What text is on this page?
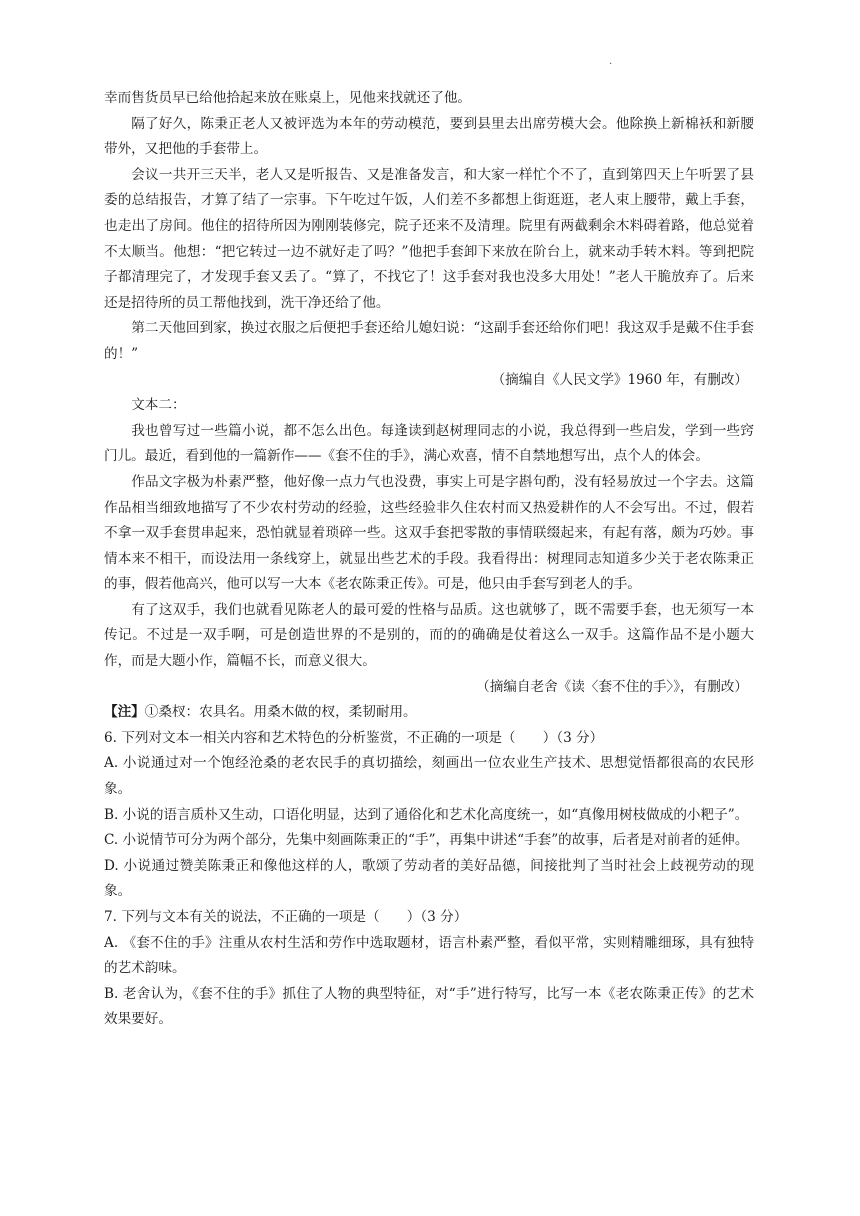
·

幸而售货员早已给他拾起来放在账桌上，见他来找就还了他。

隔了好久，陈秉正老人又被评选为本年的劳动模范，要到县里去出席劳模大会。他除换上新棉袄和新腰带外，又把他的手套带上。

会议一共开三天半，老人又是听报告、又是准备发言，和大家一样忙个不了，直到第四天上午听罢了县委的总结报告，才算了结了一宗事。下午吃过午饭，人们差不多都想上街逛逛，老人束上腰带，戴上手套，也走出了房间。他住的招待所因为刚刚装修完，院子还来不及清理。院里有两截剩余木料碍着路，他总觉着不太顺当。他想：“把它转过一边不就好走了吗？”他把手套卸下来放在阶台上，就来动手转木料。等到把院子都清理完了，才发现手套又丢了。“算了，不找它了！这手套对我也没多大用处！”老人干脆放弃了。后来还是招待所的员工帮他找到，洗干净还给了他。

第二天他回到家，换过衣服之后便把手套还给儿媳妇说：“这副手套还给你们吧！我这双手是戴不住手套的！”

（摘编自《人民文学》1960 年，有删改）

文本二：

我也曾写过一些篇小说，都不怎么出色。每逢读到赵树理同志的小说，我总得到一些启发，学到一些窍门儿。最近，看到他的一篇新作——《套不住的手》，满心欢喜，情不自禁地想写出，点个人的体会。

作品文字极为朴素严整，他好像一点力气也没费，事实上可是字斟句酌，没有轻易放过一个字去。这篇作品相当细致地描写了不少农村劳动的经验，这些经验非久住农村而又热爱耕作的人不会写出。不过，假若不拿一双手套贯串起来，恐怕就显着琐碎一些。这双手套把零散的事情联缀起来，有起有落，颇为巧妙。事情本来不相干，而设法用一条线穿上，就显出些艺术的手段。我看得出：树理同志知道多少关于老农陈秉正的事，假若他高兴，他可以写一大本《老农陈秉正传》。可是，他只由手套写到老人的手。

有了这双手，我们也就看见陈老人的最可爱的性格与品质。这也就够了，既不需要手套，也无须写一本传记。不过是一双手啊，可是创造世界的不是别的，而的的确确是仗着这么一双手。这篇作品不是小题大作，而是大题小作，篇幅不长，而意义很大。

（摘编自老舍《读〈套不住的手〉》，有删改）

【注】①桑杈：农具名。用桑木做的杈，柔韧耐用。

6. 下列对文本一相关内容和艺术特色的分析鉴赏，不正确的一项是（　　）（3 分）

A. 小说通过对一个饱经沧桑的老农民手的真切描绘，刻画出一位农业生产技术、思想觉悟都很高的农民形象。

B. 小说的语言质朴又生动，口语化明显，达到了通俗化和艺术化高度统一，如“真像用树枝做成的小粑子”。

C. 小说情节可分为两个部分，先集中刻画陈秉正的“手”，再集中讲述“手套”的故事，后者是对前者的延伸。

D. 小说通过赞美陈秉正和像他这样的人，歌颂了劳动者的美好品德，间接批判了当时社会上歧视劳动的现象。

7. 下列与文本有关的说法，不正确的一项是（　　）（3 分）

A. 《套不住的手》注重从农村生活和劳作中选取题材，语言朴素严整，看似平常，实则精雕细琢，具有独特的艺术韵味。

B. 老舍认为，《套不住的手》抓住了人物的典型特征，对“手”进行特写，比写一本《老农陈秉正传》的艺术效果要好。
